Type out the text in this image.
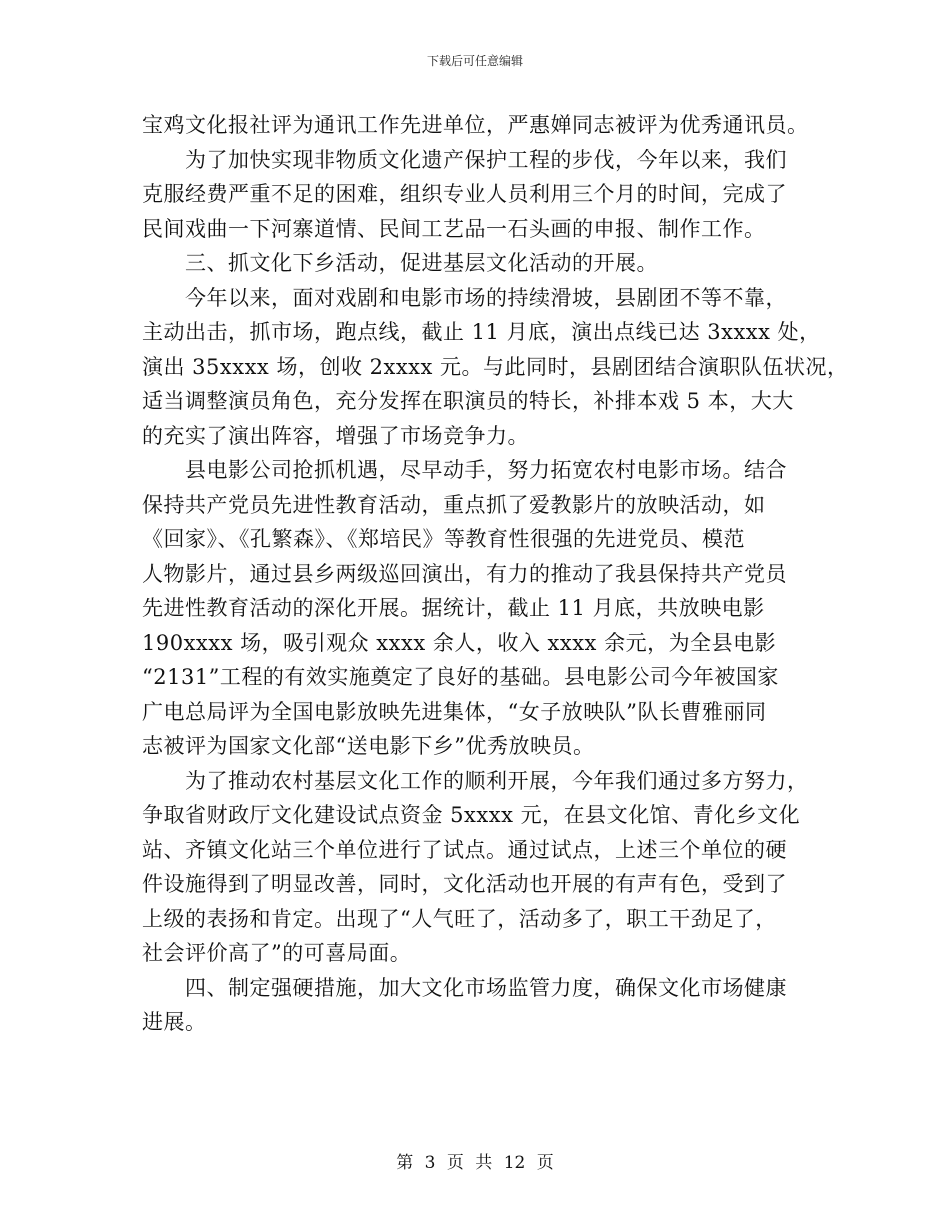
下载后可任意编辑
宝鸡文化报社评为通讯工作先进单位，严惠婵同志被评为优秀通讯员。
为了加快实现非物质文化遗产保护工程的步伐，今年以来，我们
克服经费严重不足的困难，组织专业人员利用三个月的时间，完成了
民间戏曲一下河寨道情、民间工艺品一石头画的申报、制作工作。
三、抓文化下乡活动，促进基层文化活动的开展。
今年以来，面对戏剧和电影市场的持续滑坡，县剧团不等不靠，
主动出击，抓市场，跑点线，截止 11 月底，演出点线已达 3xxxx 处，
演出 35xxxx 场，创收 2xxxx 元。与此同时，县剧团结合演职队伍状况，
适当调整演员角色，充分发挥在职演员的特长，补排本戏 5 本，大大
的充实了演出阵容，增强了市场竞争力。
县电影公司抢抓机遇，尽早动手，努力拓宽农村电影市场。结合
保持共产党员先进性教育活动，重点抓了爱教影片的放映活动，如
《回家》、《孔繁森》、《郑培民》等教育性很强的先进党员、模范
人物影片，通过县乡两级巡回演出，有力的推动了我县保持共产党员
先进性教育活动的深化开展。据统计，截止 11 月底，共放映电影
190xxxx 场，吸引观众 xxxx 余人，收入 xxxx 余元，为全县电影
“2131”工程的有效实施奠定了良好的基础。县电影公司今年被国家
广电总局评为全国电影放映先进集体，“女子放映队”队长曹雅丽同
志被评为国家文化部“送电影下乡”优秀放映员。
为了推动农村基层文化工作的顺利开展，今年我们通过多方努力，
争取省财政厅文化建设试点资金 5xxxx 元，在县文化馆、青化乡文化
站、齐镇文化站三个单位进行了试点。通过试点，上述三个单位的硬
件设施得到了明显改善，同时，文化活动也开展的有声有色，受到了
上级的表扬和肯定。出现了“人气旺了，活动多了，职工干劲足了，
社会评价高了”的可喜局面。
四、制定强硬措施，加大文化市场监管力度，确保文化市场健康
进展。
第 3 页 共 12 页
